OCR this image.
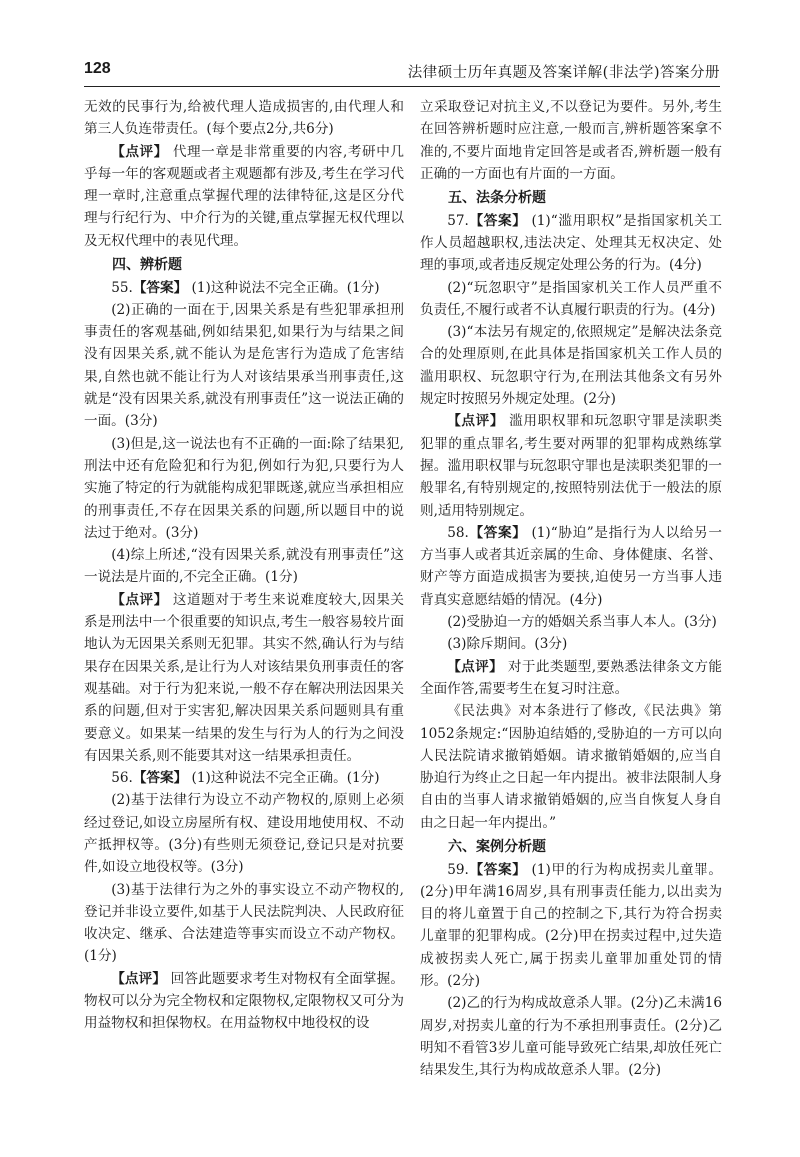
128	法律硕士历年真题及答案详解(非法学)答案分册

无效的民事行为,给被代理人造成损害的,由代理人和第三人负连带责任。(每个要点2分,共6分)

【点评】 代理一章是非常重要的内容,考研中几乎每一年的客观题或者主观题都有涉及,考生在学习代理一章时,注意重点掌握代理的法律特征,这是区分代理与行纪行为、中介行为的关键,重点掌握无权代理以及无权代理中的表见代理。

四、辨析题

55.【答案】 (1)这种说法不完全正确。(1分)

(2)正确的一面在于,因果关系是有些犯罪承担刑事责任的客观基础,例如结果犯,如果行为与结果之间没有因果关系,就不能认为是危害行为造成了危害结果,自然也就不能让行为人对该结果承当刑事责任,这就是“没有因果关系,就没有刑事责任”这一说法正确的一面。(3分)

(3)但是,这一说法也有不正确的一面:除了结果犯,刑法中还有危险犯和行为犯,例如行为犯,只要行为人实施了特定的行为就能构成犯罪既遂,就应当承担相应的刑事责任,不存在因果关系的问题,所以题目中的说法过于绝对。(3分)

(4)综上所述,“没有因果关系,就没有刑事责任”这一说法是片面的,不完全正确。(1分)

【点评】 这道题对于考生来说难度较大,因果关系是刑法中一个很重要的知识点,考生一般容易较片面地认为无因果关系则无犯罪。其实不然,确认行为与结果存在因果关系,是让行为人对该结果负刑事责任的客观基础。对于行为犯来说,一般不存在解决刑法因果关系的问题,但对于实害犯,解决因果关系问题则具有重要意义。如果某一结果的发生与行为人的行为之间没有因果关系,则不能要其对这一结果承担责任。

56.【答案】 (1)这种说法不完全正确。(1分)

(2)基于法律行为设立不动产物权的,原则上必须经过登记,如设立房屋所有权、建设用地使用权、不动产抵押权等。(3分)有些则无须登记,登记只是对抗要件,如设立地役权等。(3分)

(3)基于法律行为之外的事实设立不动产物权的,登记并非设立要件,如基于人民法院判决、人民政府征收决定、继承、合法建造等事实而设立不动产物权。(1分)

【点评】 回答此题要求考生对物权有全面掌握。物权可以分为完全物权和定限物权,定限物权又可分为用益物权和担保物权。在用益物权中地役权的设

立采取登记对抗主义,不以登记为要件。另外,考生在回答辨析题时应注意,一般而言,辨析题答案拿不准的,不要片面地肯定回答是或者否,辨析题一般有正确的一方面也有片面的一方面。

五、法条分析题

57.【答案】 (1)“滥用职权”是指国家机关工作人员超越职权,违法决定、处理其无权决定、处理的事项,或者违反规定处理公务的行为。(4分)

(2)“玩忽职守”是指国家机关工作人员严重不负责任,不履行或者不认真履行职责的行为。(4分)

(3)“本法另有规定的,依照规定”是解决法条竞合的处理原则,在此具体是指国家机关工作人员的滥用职权、玩忽职守行为,在刑法其他条文有另外规定时按照另外规定处理。(2分)

【点评】 滥用职权罪和玩忽职守罪是渎职类犯罪的重点罪名,考生要对两罪的犯罪构成熟练掌握。滥用职权罪与玩忽职守罪也是渎职类犯罪的一般罪名,有特别规定的,按照特别法优于一般法的原则,适用特别规定。

58.【答案】 (1)“胁迫”是指行为人以给另一方当事人或者其近亲属的生命、身体健康、名誉、财产等方面造成损害为要挟,迫使另一方当事人违背真实意愿结婚的情况。(4分)

(2)受胁迫一方的婚姻关系当事人本人。(3分)

(3)除斥期间。(3分)

【点评】 对于此类题型,要熟悉法律条文方能全面作答,需要考生在复习时注意。

《民法典》对本条进行了修改,《民法典》第1052条规定:“因胁迫结婚的,受胁迫的一方可以向人民法院请求撤销婚姻。请求撤销婚姻的,应当自胁迫行为终止之日起一年内提出。被非法限制人身自由的当事人请求撤销婚姻的,应当自恢复人身自由之日起一年内提出。”

六、案例分析题

59.【答案】 (1)甲的行为构成拐卖儿童罪。(2分)甲年满16周岁,具有刑事责任能力,以出卖为目的将儿童置于自己的控制之下,其行为符合拐卖儿童罪的犯罪构成。(2分)甲在拐卖过程中,过失造成被拐卖人死亡,属于拐卖儿童罪加重处罚的情形。(2分)

(2)乙的行为构成故意杀人罪。(2分)乙未满16周岁,对拐卖儿童的行为不承担刑事责任。(2分)乙明知不看管3岁儿童可能导致死亡结果,却放任死亡结果发生,其行为构成故意杀人罪。(2分)
